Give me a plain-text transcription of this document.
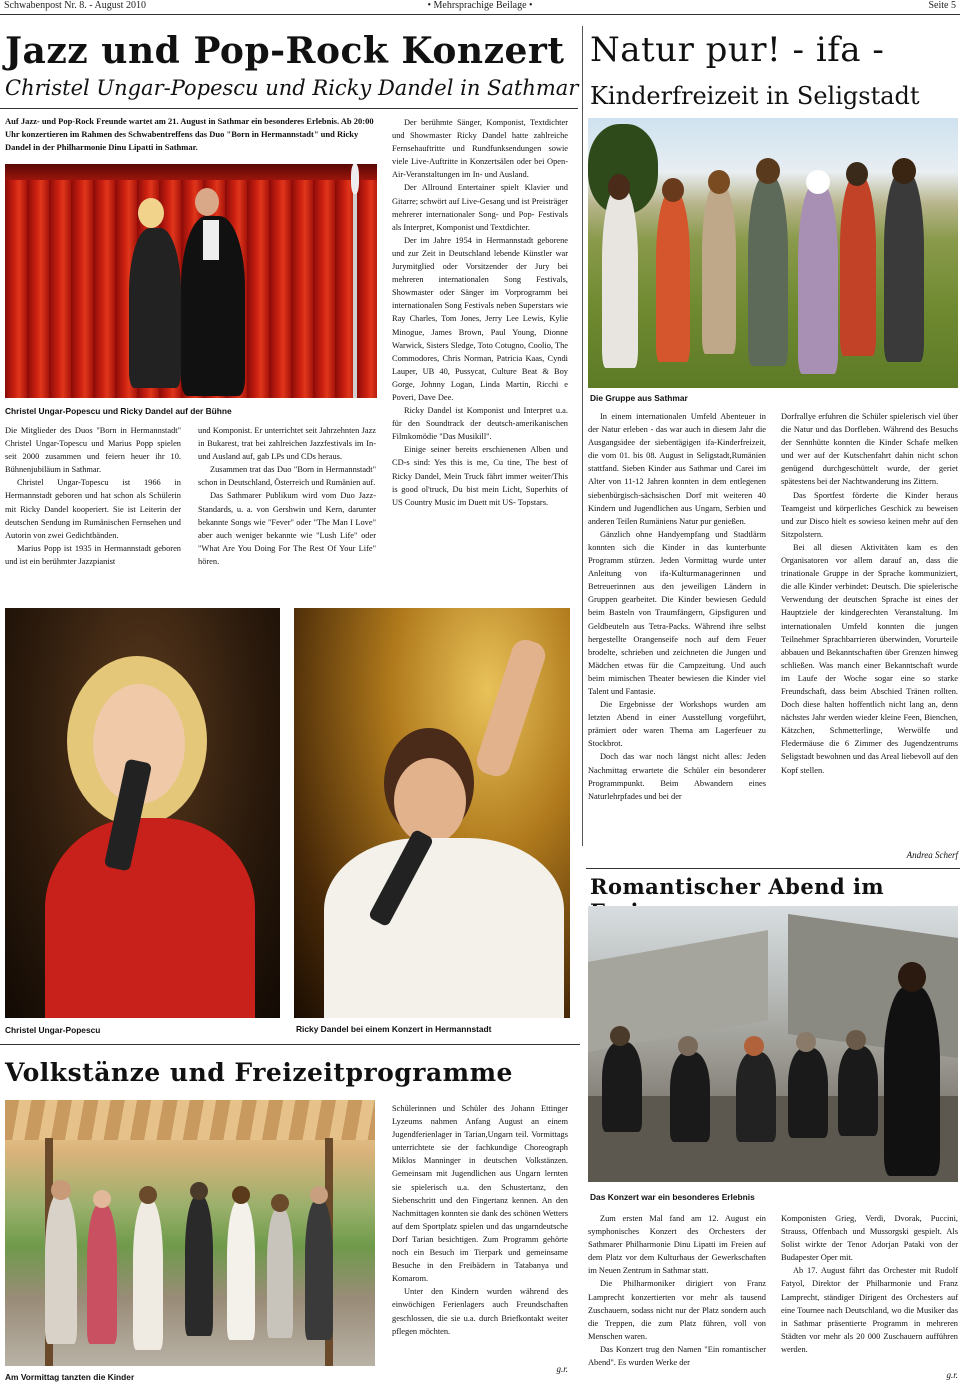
Schwabenpost Nr. 8. - August 2010	• Mehrsprachige Beilage •	Seite 5
Jazz und Pop-Rock Konzert
Christel Ungar-Popescu und Ricky Dandel in Sathmar
Auf Jazz- und Pop-Rock Freunde wartet am 21. August in Sathmar ein besonderes Erlebnis. Ab 20:00 Uhr konzertieren im Rahmen des Schwabentreffens das Duo "Born in Hermannstadt" und Ricky Dandel in der Philharmonie Dinu Lipatti in Sathmar.
Christel Ungar-Popescu und Ricky Dandel auf der Bühne

Die Mitglieder des Duos "Born in Hermannstadt" Christel Ungar-Topescu und Marius Popp spielen seit 2000 zusammen und feiern heuer ihr 10. Bühnenjubiläum in Sathmar.

Christel Ungar-Topescu ist 1966 in Hermannstadt geboren und hat schon als Schülerin mit Ricky Dandel kooperiert. Sie ist Leiterin der deutschen Sendung im Rumänischen Fernsehen und Autorin von zwei Gedichtbänden.

Marius Popp ist 1935 in Hermannstadt geboren und ist ein berühmter Jazzpianist

und Komponist. Er unterrichtet seit Jahrzehnten Jazz in Bukarest, trat bei zahlreichen Jazzfestivals im In- und Ausland auf, gab LPs und CDs heraus.

Zusammen trat das Duo "Born in Hermannstadt" schon in Deutschland, Österreich und Rumänien auf.

Das Sathmarer Publikum wird vom Duo Jazz-Standards, u. a. von Gershwin und Kern, darunter bekannte Songs wie "Fever" oder "The Man I Love" aber auch weniger bekannte wie "Lush Life" oder "What Are You Doing For The Rest Of Your Life" hören.

Der berühmte Sänger, Komponist, Textdichter und Showmaster Ricky Dandel hatte zahlreiche Fernsehauftritte und Rundfunksendungen sowie viele Live-Auftritte in Konzertsälen oder bei Open-Air-Veranstaltungen im In- und Ausland.

Der Allround Entertainer spielt Klavier und Gitarre; schwört auf Live-Gesang und ist Preisträger mehrerer internationaler Song- und Pop- Festivals als Interpret, Komponist und Textdichter.

Der im Jahre 1954 in Hermannstadt geborene und zur Zeit in Deutschland lebende Künstler war Jurymitglied oder Vorsitzender der Jury bei mehreren internationalen Song Festivals, Showmaster oder Sänger im Vorprogramm bei internationalen Song Festivals neben Superstars wie Ray Charles, Tom Jones, Jerry Lee Lewis, Kylie Minogue, James Brown, Paul Young, Dionne Warwick, Sisters Sledge, Toto Cotugno, Coolio, The Commodores, Chris Norman, Patricia Kaas, Cyndi Lauper, UB 40, Pussycat, Culture Beat & Boy Gorge, Johnny Logan, Linda Martin, Ricchi e Poveri, Dave Dee.

Ricky Dandel ist Komponist und Interpret u.a. für den Soundtrack der deutsch-amerikanischen Filmkomödie "Das Musikill".

Einige seiner bereits erschienenen Alben und CD-s sind: Yes this is me, Cu tine, The best of Ricky Dandel, Mein Truck fährt immer weiter/This is good ol'truck, Du bist mein Licht, Superhits of US Country Music im Duett mit US- Topstars.

Christel Ungar-Popescu	Ricky Dandel bei einem Konzert in Hermannstadt
Natur pur! - ifa -
Kinderfreizeit in Seligstadt
Die Gruppe aus Sathmar

In einem internationalen Umfeld Abenteuer in der Natur erleben - das war auch in diesem Jahr die Ausgangsidee der siebentägigen ifa-Kinderfreizeit, die vom 01. bis 08. August in Seligstadt,Rumänien stattfand. Sieben Kinder aus Sathmar und Carei im Alter von 11-12 Jahren konnten in dem entlegenen siebenbürgisch-sächsischen Dorf mit weiteren 40 Kindern und Jugendlichen aus Ungarn, Serbien und anderen Teilen Rumäniens Natur pur genießen.

Gänzlich ohne Handyempfang und Stadtlärm konnten sich die Kinder in das kunterbunte Programm stürzen. Jeden Vormittag wurde unter Anleitung von ifa-Kulturmanagerinnen und Betreuerinnen aus den jeweiligen Ländern in Gruppen gearbeitet. Die Kinder bewiesen Geduld beim Basteln von Traumfängern, Gipsfiguren und Geldbeuteln aus Tetra-Packs. Während ihre selbst hergestellte Orangenseife noch auf dem Feuer brodelte, schrieben und zeichneten die Jungen und Mädchen etwas für die Campzeitung. Und auch beim mimischen Theater bewiesen die Kinder viel Talent und Fantasie.

Die Ergebnisse der Workshops wurden am letzten Abend in einer Ausstellung vorgeführt, prämiert oder waren Thema am Lagerfeuer zu Stockbrot.

Doch das war noch längst nicht alles: Jeden Nachmittag erwartete die Schüler ein besonderer Programmpunkt. Beim Abwandern eines Naturlehrpfades und bei der

Dorfrallye erfuhren die Schüler spielerisch viel über die Natur und das Dorfleben. Während des Besuchs der Sennhütte konnten die Kinder Schafe melken und wer auf der Kutschenfahrt dahin nicht schon genügend durchgeschüttelt wurde, der geriet spätestens bei der Nachtwanderung ins Zittern.

Das Sportfest förderte die Kinder heraus Teamgeist und körperliches Geschick zu beweisen und zur Disco hielt es sowieso keinen mehr auf den Sitzpolstern.

Bei all diesen Aktivitäten kam es den Organisatoren vor allem darauf an, dass die trinationale Gruppe in der Sprache kommuniziert, die alle Kinder verbindet: Deutsch. Die spielerische Verwendung der deutschen Sprache ist eines der Hauptziele der kindgerechten Veranstaltung. Im internationalen Umfeld konnten die jungen Teilnehmer Sprachbarrieren überwinden, Vorurteile abbauen und Bekanntschaften über Grenzen hinweg schließen. Was manch einer Bekanntschaft wurde im Laufe der Woche sogar eine so starke Freundschaft, dass beim Abschied Tränen rollten. Doch diese halten hoffentlich nicht lang an, denn nächstes Jahr werden wieder kleine Feen, Bienchen, Kätzchen, Schmetterlinge, Werwölfe und Fledermäuse die 6 Zimmer des Jugendzentrums Seligstadt bewohnen und das Areal liebevoll auf den Kopf stellen.

Andrea Scherf
Romantischer Abend im
Das Konzert war ein besonderes Erlebnis

Zum ersten Mal fand am 12. August ein symphonisches Konzert des Orchesters der Sathmarer Philharmonie Dinu Lipatti im Freien auf dem Platz vor dem Kulturhaus der Gewerkschaften im Neuen Zentrum in Sathmar statt.

Die Philharmoniker dirigiert von Franz Lamprecht konzertierten vor mehr als tausend Zuschauern, sodass nicht nur der Platz sondern auch die Treppen, die zum Platz führen, voll von Menschen waren.

Das Konzert trug den Namen "Ein romantischer Abend". Es wurden Werke der

Komponisten Grieg, Verdi, Dvorak, Puccini, Strauss, Offenbach und Mussorgski gespielt. Als Solist wirkte der Tenor Adorjan Pataki von der Budapester Oper mit.

Ab 17. August fährt das Orchester mit Rudolf Fatyol, Direktor der Philharmonie und Franz Lamprecht, ständiger Dirigent des Orchesters auf eine Tournee nach Deutschland, wo die Musiker das in Sathmar präsentierte Programm in mehreren Städten vor mehr als 20 000 Zuschauern aufführen werden.

g.r.
Volkstänze und Freizeitprogramme
Am Vormittag tanzten die Kinder

Schülerinnen und Schüler des Johann Ettinger Lyzeums nahmen Anfang August an einem Jugendferienlager in Tarian,Ungarn teil. Vormittags unterrichtete sie der fachkundige Choreograph Miklos Manninger in deutschen Volkstänzen. Gemeinsam mit Jugendlichen aus Ungarn lernten sie spielerisch u.a. den Schustertanz, den Siebenschritt und den Fingertanz kennen. An den Nachmittagen konnten sie dank des schönen Wetters auf dem Sportplatz spielen und das ungarndeutsche Dorf Tarian besichtigen. Zum Programm gehörte noch ein Besuch im Tierpark und gemeinsame Besuche in den Freibädern in Tatabanya und Komarom.

Unter den Kindern wurden während des einwöchigen Ferienlagers auch Freundschaften geschlossen, die sie u.a. durch Briefkontakt weiter pflegen möchten.

g.r.
